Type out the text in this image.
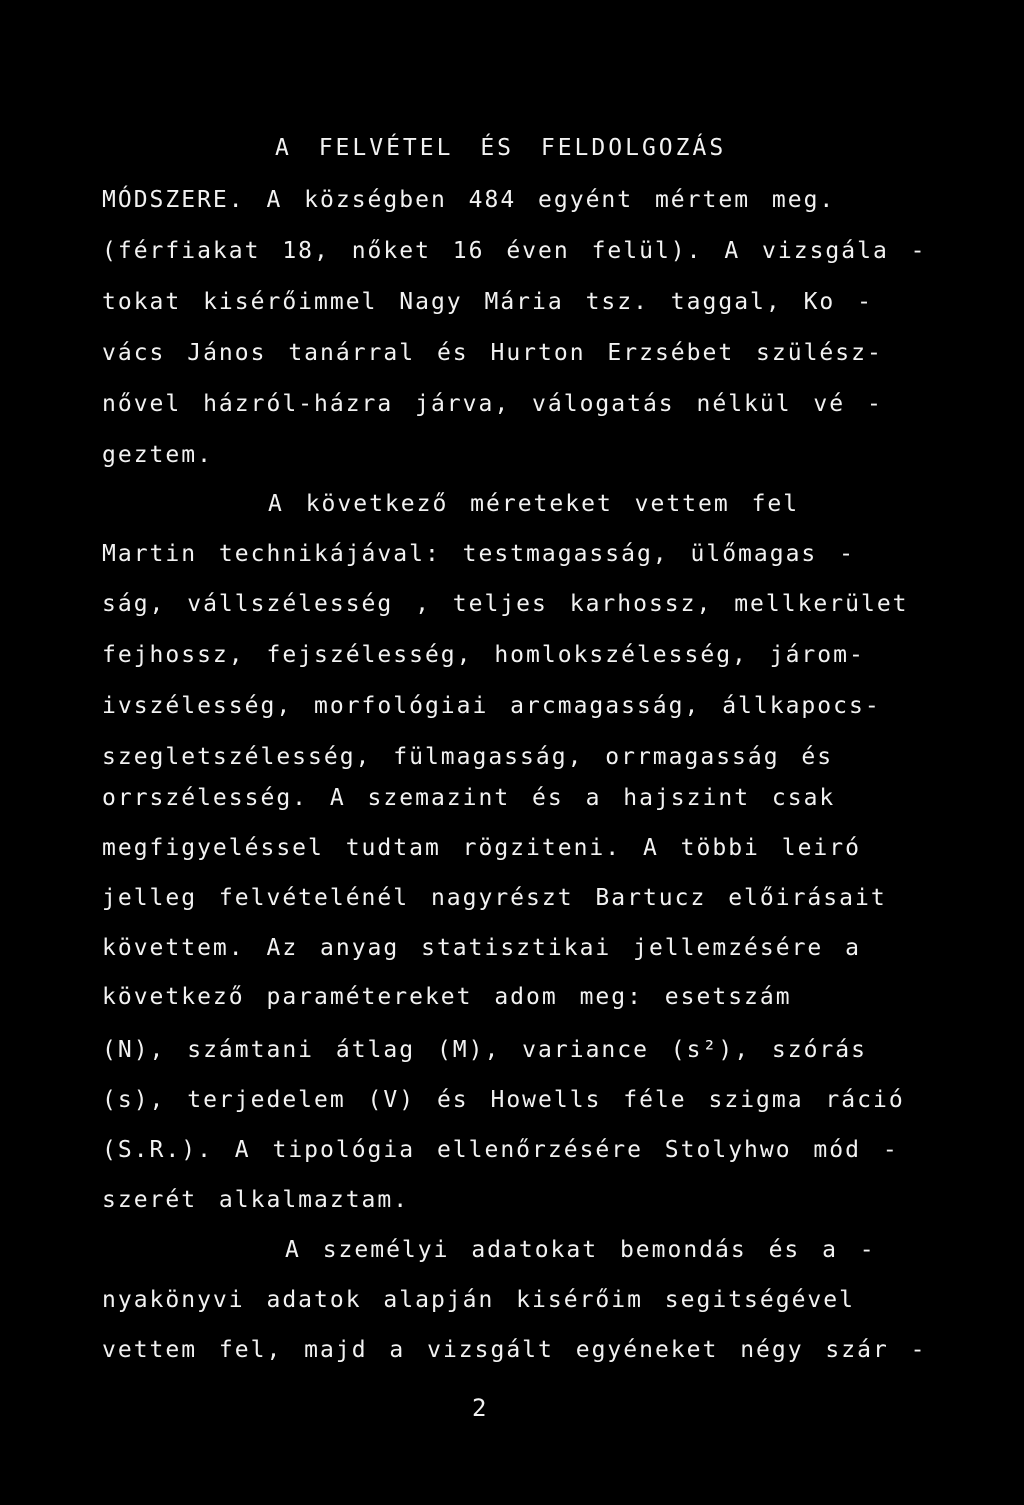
A FELVÉTEL ÉS FELDOLGOZÁS
MÓDSZERE. A községben 484 egyént mértem meg.
(férfiakat 18, nőket 16 éven felül). A vizsgála -
tokat kisérőimmel Nagy Mária tsz. taggal, Ko -
vács János tanárral és Hurton Erzsébet szülész-
nővel házról-házra járva, válogatás nélkül vé -
geztem.
A következő méreteket vettem fel
Martin technikájával: testmagasság, ülőmagas -
ság, vállszélesség , teljes karhossz, mellkerület
fejhossz, fejszélesség, homlokszélesség, járom-
ivszélesség, morfológiai arcmagasság, állkapocs-
szegletszélesség, fülmagasság, orrmagasság és
orrszélesség. A szemazint és a hajszint csak
megfigyeléssel tudtam rögziteni. A többi leiró
jelleg felvételénél nagyrészt Bartucz előirásait
követtem. Az anyag statisztikai jellemzésére a
következő paramétereket adom meg: esetszám
(N), számtani átlag (M), variance (s²), szórás
(s), terjedelem (V) és Howells féle szigma ráció
(S.R.). A tipológia ellenőrzésére Stolyhwo mód -
szerét alkalmaztam.
A személyi adatokat bemondás és a -
nyakönyvi adatok alapján kisérőim segitségével
vettem fel, majd a vizsgált egyéneket négy szár -
2
